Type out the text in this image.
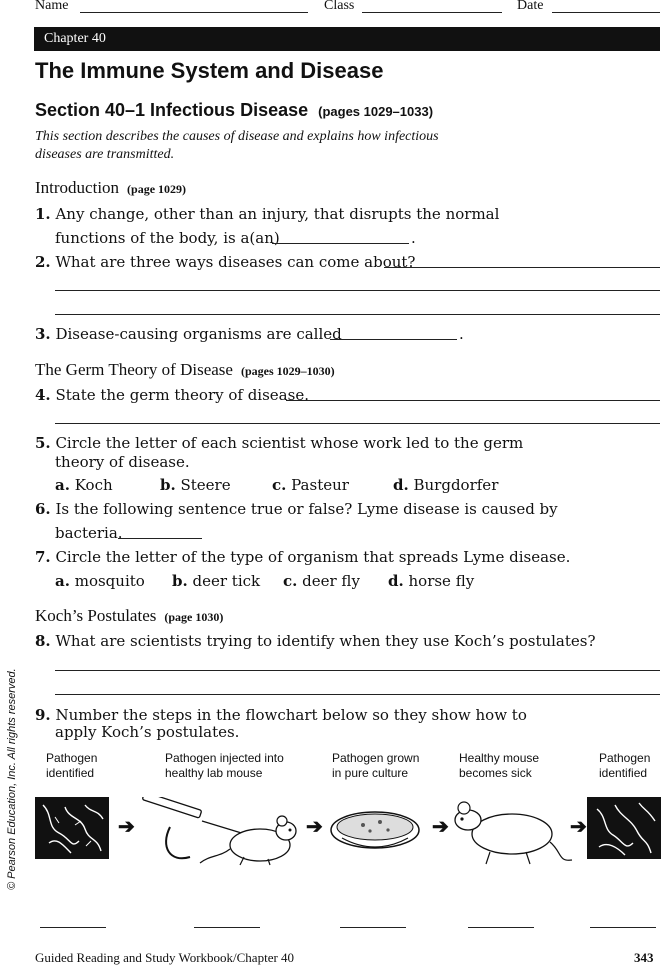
Name	Class	Date
Chapter 40
The Immune System and Disease
Section 40–1 Infectious Disease (pages 1029–1033)
This section describes the causes of disease and explains how infectious
diseases are transmitted.
Introduction (page 1029)
1. Any change, other than an injury, that disrupts the normal
functions of the body, is a(an)	.
2. What are three ways diseases can come about?
3. Disease-causing organisms are called	.
The Germ Theory of Disease (pages 1029–1030)
4. State the germ theory of disease.
5. Circle the letter of each scientist whose work led to the germ
theory of disease.
a. Koch	b. Steere	c. Pasteur	d. Burgdorfer
6. Is the following sentence true or false? Lyme disease is caused by
bacteria.
7. Circle the letter of the type of organism that spreads Lyme disease.
a. mosquito b. deer tick c. deer fly d. horse fly
Koch’s Postulates (page 1030)
8. What are scientists trying to identify when they use Koch’s postulates?
9. Number the steps in the flowchart below so they show how to
apply Koch’s postulates.
Pathogen
identified
Pathogen injected into
healthy lab mouse
Pathogen grown
in pure culture
Healthy mouse
becomes sick
Pathogen
identified
➔	➔	➔	➔
© Pearson Education, Inc. All rights reserved.
Guided Reading and Study Workbook/Chapter 40	343
